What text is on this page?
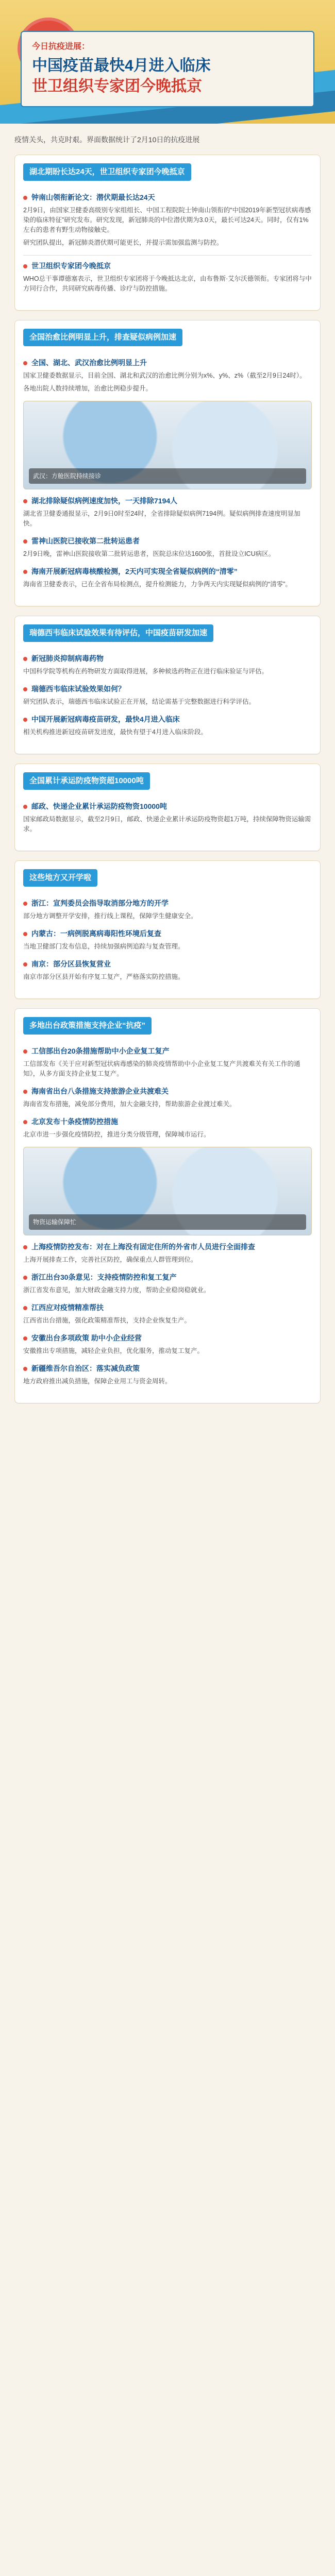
今日抗疫进展：
中国疫苗最快4月进入临床
世卫组织专家团今晚抵京

疫情关头，共克时艰。界面数据统计了2月10日的抗疫进展

湖北期盼长达24天，世卫组织专家团今晚抵京
钟南山领衔新论文：潜伏期最长达24天

2月9日，由国家卫健委高级别专家组组长、中国工程院院士钟南山领衔的“中国2019年新型冠状病毒感染的临床特征”研究发布。研究发现，新冠肺炎的中位潜伏期为3.0天，最长可达24天。同时，仅有1%左右的患者有野生动物接触史。

研究团队提出，新冠肺炎潜伏期可能更长，并提示需加强监测与防控。

世卫组织专家团今晚抵京

WHO总干事谭德塞表示，世卫组织专家团将于今晚抵达北京，由布鲁斯·艾尔沃德领衔。专家团将与中方同行合作，共同研究病毒传播、诊疗与防控措施。

全国治愈比例明显上升，排查疑似病例加速
全国、湖北、武汉治愈比例明显上升

国家卫健委数据显示，目前全国、湖北和武汉的治愈比例分别为x%、y%、z%（截至2月9日24时）。

各地出院人数持续增加，治愈比例稳步提升。

武汉：方舱医院持续接诊
湖北排除疑似病例速度加快，一天排除7194人

湖北省卫健委通报显示，2月9日0时至24时，全省排除疑似病例7194例。疑似病例排查速度明显加快。

雷神山医院已接收第二批转运患者

2月9日晚，雷神山医院接收第二批转运患者，医院总床位达1600张，首批设立ICU病区。

海南开展新冠病毒核酸检测，2天内可实现全省疑似病例的“清零”

海南省卫健委表示，已在全省布局检测点，提升检测能力，力争两天内实现疑似病例的“清零”。

瑞德西韦临床试验效果有待评估，中国疫苗研发加速
新冠肺炎抑制病毒药物

中国科学院等机构在药物研发方面取得进展，多种候选药物正在进行临床验证与评估。

瑞德西韦临床试验效果如何？

研究团队表示，瑞德西韦临床试验正在开展，结论需基于完整数据进行科学评估。

中国开展新冠病毒疫苗研发，最快4月进入临床

相关机构推进新冠疫苗研发进度，最快有望于4月进入临床阶段。

全国累计承运防疫物资超10000吨
邮政、快递企业累计承运防疫物资10000吨

国家邮政局数据显示，截至2月9日，邮政、快递企业累计承运防疫物资超1万吨，持续保障物资运输需求。

这些地方又开学啦
浙江：宣判委员会指导取消部分地方的开学

部分地方调整开学安排，推行线上课程，保障学生健康安全。

内蒙古：一病例脱离病毒阳性环境后复查

当地卫健部门发布信息，持续加强病例追踪与复查管理。

南京：部分区县恢复营业

南京市部分区县开始有序复工复产，严格落实防控措施。

多地出台政策措施支持企业“抗疫”
工信部出台20条措施帮助中小企业复工复产

工信部发布《关于应对新型冠状病毒感染的肺炎疫情帮助中小企业复工复产共渡难关有关工作的通知》，从多方面支持企业复工复产。

海南省出台八条措施支持旅游企业共渡难关

海南省发布措施，减免部分费用，加大金融支持，帮助旅游企业渡过难关。

北京发布十条疫情防控措施

北京市进一步强化疫情防控，推进分类分级管理，保障城市运行。

物资运输保障忙
上海疫情防控发布：对在上海没有固定住所的外省市人员进行全面排查

上海开展排查工作，完善社区防控，确保重点人群管理到位。

浙江出台30条意见：支持疫情防控和复工复产

浙江省发布意见，加大财政金融支持力度，帮助企业稳岗稳就业。

江西应对疫情精准帮扶

江西省出台措施，强化政策精准帮扶，支持企业恢复生产。

安徽出台多项政策 助中小企业经营

安徽推出专项措施，减轻企业负担，优化服务，推动复工复产。

新疆维吾尔自治区：落实减负政策

地方政府推出减负措施，保障企业用工与资金周转。
